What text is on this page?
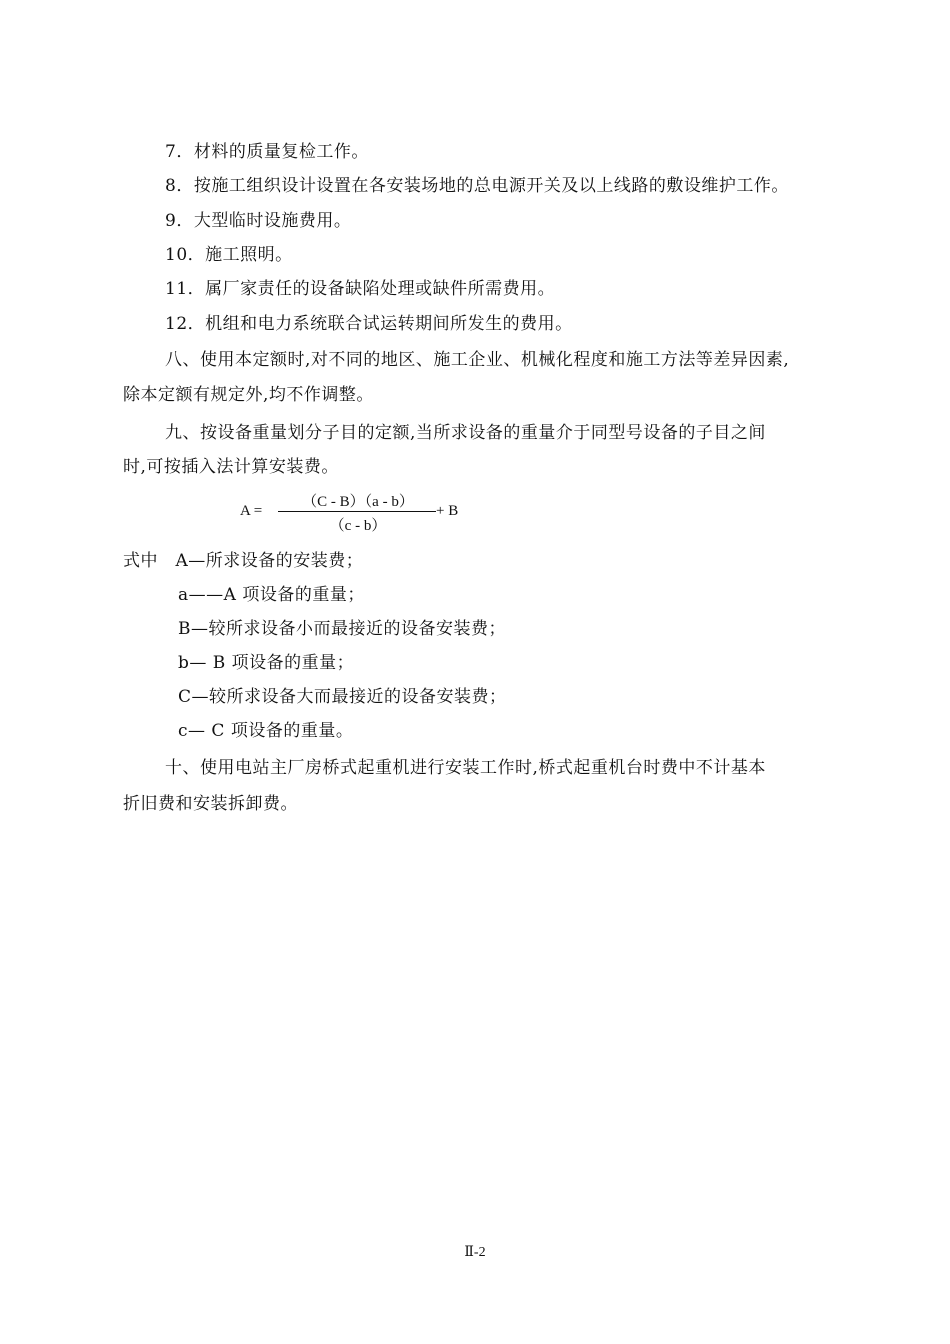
7．材料的质量复检工作。
8．按施工组织设计设置在各安装场地的总电源开关及以上线路的敷设维护工作。
9．大型临时设施费用。
10．施工照明。
11．属厂家责任的设备缺陷处理或缺件所需费用。
12．机组和电力系统联合试运转期间所发生的费用。
八、使用本定额时,对不同的地区、施工企业、机械化程度和施工方法等差异因素,
除本定额有规定外,均不作调整。
九、按设备重量划分子目的定额,当所求设备的重量介于同型号设备的子目之间
时,可按插入法计算安装费。
A =
（C - B）（a - b）
（c - b）
+ B
式中　A—所求设备的安装费；
a——A 项设备的重量；
B—较所求设备小而最接近的设备安装费；
b— B 项设备的重量；
C—较所求设备大而最接近的设备安装费；
c— C 项设备的重量。
十、使用电站主厂房桥式起重机进行安装工作时,桥式起重机台时费中不计基本
折旧费和安装拆卸费。
Ⅱ-2
